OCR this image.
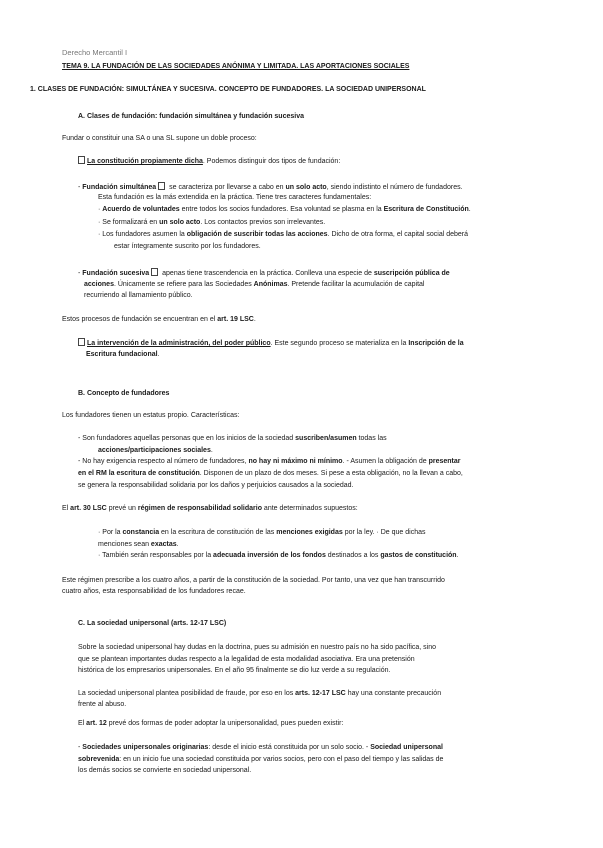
Derecho Mercantil I
TEMA 9. LA FUNDACIÓN DE LAS SOCIEDADES ANÓNIMA Y LIMITADA. LAS APORTACIONES SOCIALES
1. CLASES DE FUNDACIÓN: SIMULTÁNEA Y SUCESIVA. CONCEPTO DE FUNDADORES. LA SOCIEDAD UNIPERSONAL
A. Clases de fundación: fundación simultánea y fundación sucesiva
Fundar o constituir una SA o una SL supone un doble proceso:
La constitución propiamente dicha. Podemos distinguir dos tipos de fundación:
- Fundación simultánea se caracteriza por llevarse a cabo en un solo acto, siendo indistinto el número de fundadores.
Esta fundación es la más extendida en la práctica. Tiene tres caracteres fundamentales:
· Acuerdo de voluntades entre todos los socios fundadores. Esa voluntad se plasma en la Escritura de Constitución.
· Se formalizará en un solo acto. Los contactos previos son irrelevantes.
· Los fundadores asumen la obligación de suscribir todas las acciones. Dicho de otra forma, el capital social deberá
estar íntegramente suscrito por los fundadores.
- Fundación sucesiva apenas tiene trascendencia en la práctica. Conlleva una especie de suscripción pública de
acciones. Únicamente se refiere para las Sociedades Anónimas. Pretende facilitar la acumulación de capital
recurriendo al llamamiento público.
Estos procesos de fundación se encuentran en el art. 19 LSC.
La intervención de la administración, del poder público. Este segundo proceso se materializa en la Inscripción de la
Escritura fundacional.
B. Concepto de fundadores
Los fundadores tienen un estatus propio. Características:
- Son fundadores aquellas personas que en los inicios de la sociedad suscriben/asumen todas las
acciones/participaciones sociales.
- No hay exigencia respecto al número de fundadores, no hay ni máximo ni mínimo. - Asumen la obligación de presentar
en el RM la escritura de constitución. Disponen de un plazo de dos meses. Si pese a esta obligación, no la llevan a cabo,
se genera la responsabilidad solidaria por los daños y perjuicios causados a la sociedad.
El art. 30 LSC prevé un régimen de responsabilidad solidario ante determinados supuestos:
· Por la constancia en la escritura de constitución de las menciones exigidas por la ley. · De que dichas
menciones sean exactas.
· También serán responsables por la adecuada inversión de los fondos destinados a los gastos de constitución.
Este régimen prescribe a los cuatro años, a partir de la constitución de la sociedad. Por tanto, una vez que han transcurrido
cuatro años, esta responsabilidad de los fundadores recae.
C. La sociedad unipersonal (arts. 12-17 LSC)
Sobre la sociedad unipersonal hay dudas en la doctrina, pues su admisión en nuestro país no ha sido pacífica, sino
que se plantean importantes dudas respecto a la legalidad de esta modalidad asociativa. Era una pretensión
histórica de los empresarios unipersonales. En el año 95 finalmente se dio luz verde a su regulación.
La sociedad unipersonal plantea posibilidad de fraude, por eso en los arts. 12-17 LSC hay una constante precaución
frente al abuso.
El art. 12 prevé dos formas de poder adoptar la unipersonalidad, pues pueden existir:
- Sociedades unipersonales originarias: desde el inicio está constituida por un solo socio. - Sociedad unipersonal
sobrevenida: en un inicio fue una sociedad constituida por varios socios, pero con el paso del tiempo y las salidas de
los demás socios se convierte en sociedad unipersonal.
